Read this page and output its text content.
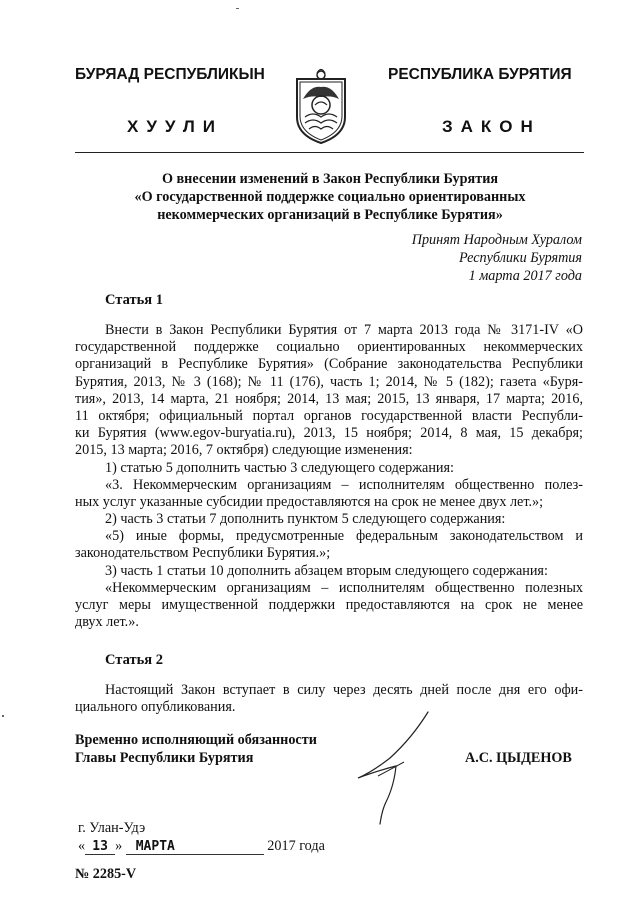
БУРЯАД РЕСПУБЛИКЫН	РЕСПУБЛИКА БУРЯТИЯ
ХУУЛИ	ЗАКОН
О внесении изменений в Закон Республики Бурятия
«О государственной поддержке социально ориентированных
некоммерческих организаций в Республике Бурятия»
Принят Народным Хуралом
Республики Бурятия
1 марта 2017 года
Статья 1
Внести в Закон Республики Бурятия от 7 марта 2013 года № 3171-IV «О
государственной поддержке социально ориентированных некоммерческих
организаций в Республике Бурятия» (Собрание законодательства Республики
Бурятия, 2013, № 3 (168); № 11 (176), часть 1; 2014, № 5 (182); газета «Буря-
тия», 2013, 14 марта, 21 ноября; 2014, 13 мая; 2015, 13 января, 17 марта; 2016,
11 октября; официальный портал органов государственной власти Республи-
ки Бурятия (www.egov-buryatia.ru), 2013, 15 ноября; 2014, 8 мая, 15 декабря;
2015, 13 марта; 2016, 7 октября) следующие изменения:
1) статью 5 дополнить частью 3 следующего содержания:
«3. Некоммерческим организациям – исполнителям общественно полез-
ных услуг указанные субсидии предоставляются на срок не менее двух лет.»;
2) часть 3 статьи 7 дополнить пунктом 5 следующего содержания:
«5) иные формы, предусмотренные федеральным законодательством и
законодательством Республики Бурятия.»;
3) часть 1 статьи 10 дополнить абзацем вторым следующего содержания:
«Некоммерческим организациям – исполнителям общественно полезных
услуг меры имущественной поддержки предоставляются на срок не менее
двух лет.».
Статья 2
Настоящий Закон вступает в силу через десять дней после дня его офи-
циального опубликования.
Временно исполняющий обязанности
Главы Республики Бурятия	А.С. ЦЫДЕНОВ
г. Улан-Удэ
« 13 » МАРТА	2017 года
№ 2285-V
